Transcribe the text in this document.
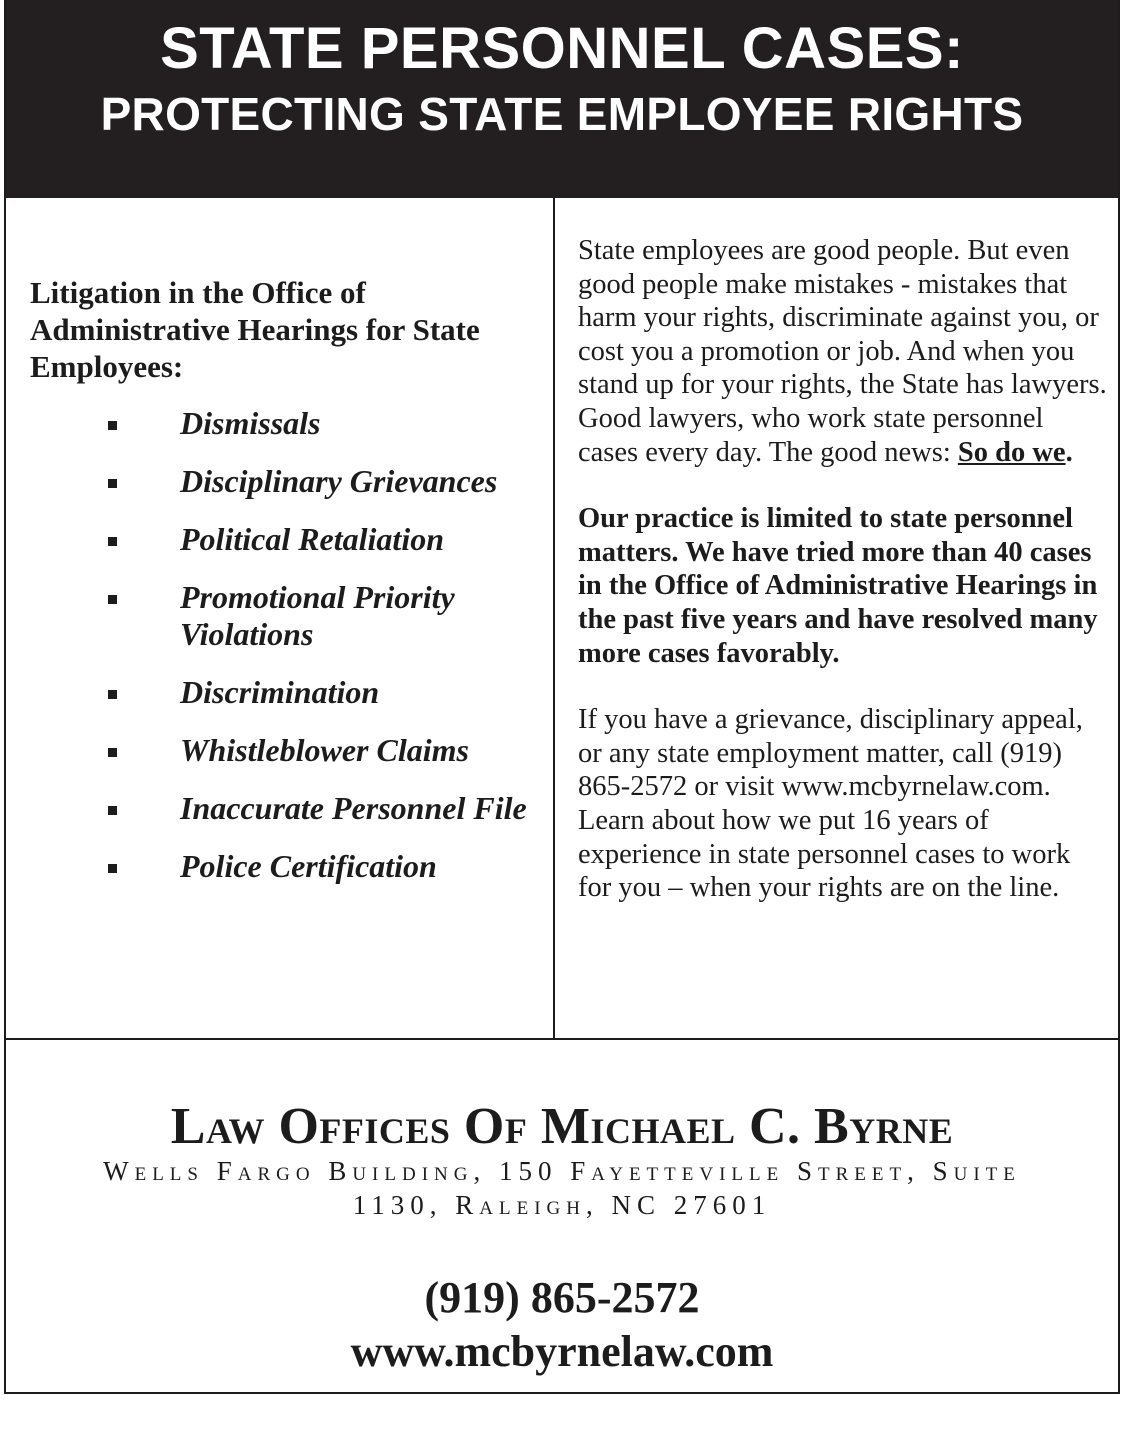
STATE PERSONNEL CASES:
PROTECTING STATE EMPLOYEE RIGHTS

Litigation in the Office of Administrative Hearings for State Employees:

Dismissals
Disciplinary Grievances
Political Retaliation
Promotional Priority Violations
Discrimination
Whistleblower Claims
Inaccurate Personnel File
Police Certification

State employees are good people. But even good people make mistakes - mistakes that harm your rights, discriminate against you, or cost you a promotion or job. And when you stand up for your rights, the State has lawyers. Good lawyers, who work state personnel cases every day. The good news: So do we.

Our practice is limited to state personnel matters. We have tried more than 40 cases in the Office of Administrative Hearings in the past five years and have resolved many more cases favorably.

If you have a grievance, disciplinary appeal, or any state employment matter, call (919) 865-2572 or visit www.mcbyrnelaw.com. Learn about how we put 16 years of experience in state personnel cases to work for you – when your rights are on the line.

Law Offices Of Michael C. Byrne
Wells Fargo Building, 150 Fayetteville Street, Suite
1130, Raleigh, NC 27601
(919) 865-2572
www.mcbyrnelaw.com
